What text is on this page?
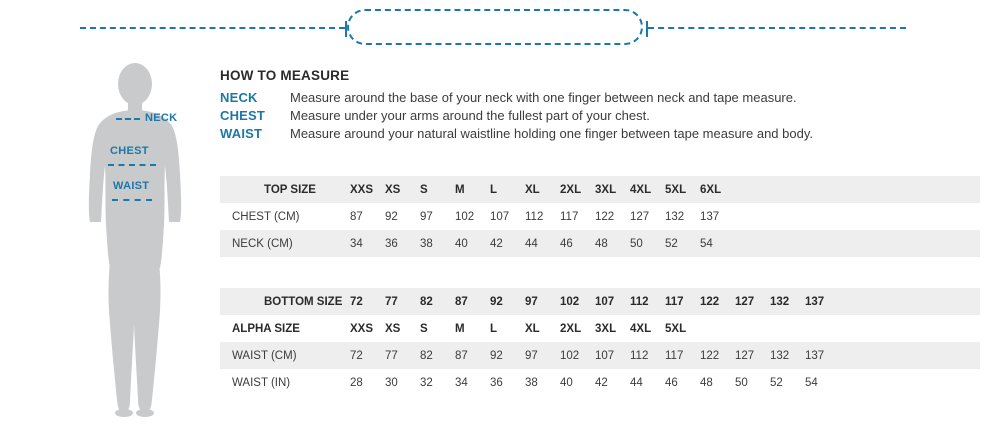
NECK
CHEST
WAIST
HOW TO MEASURE
NECK	Measure around the base of your neck with one finger between neck and tape measure.
CHEST	Measure under your arms around the fullest part of your chest.
WAIST	Measure around your natural waistline holding one finger between tape measure and body.
TOP SIZE	XXS	XS	S	M	L	XL	2XL	3XL	4XL	5XL	6XL
CHEST (CM)	87	92	97	102	107	112	117	122	127	132	137
NECK (CM)	34	36	38	40	42	44	46	48	50	52	54
BOTTOM SIZE 72	77	82	87	92	97	102	107	112	117	122	127	132	137
ALPHA SIZE	XXS	XS	S	M	L	XL	2XL	3XL	4XL	5XL
WAIST (CM)	72	77	82	87	92	97	102	107	112	117	122	127	132	137
WAIST (IN)	28	30	32	34	36	38	40	42	44	46	48	50	52	54
